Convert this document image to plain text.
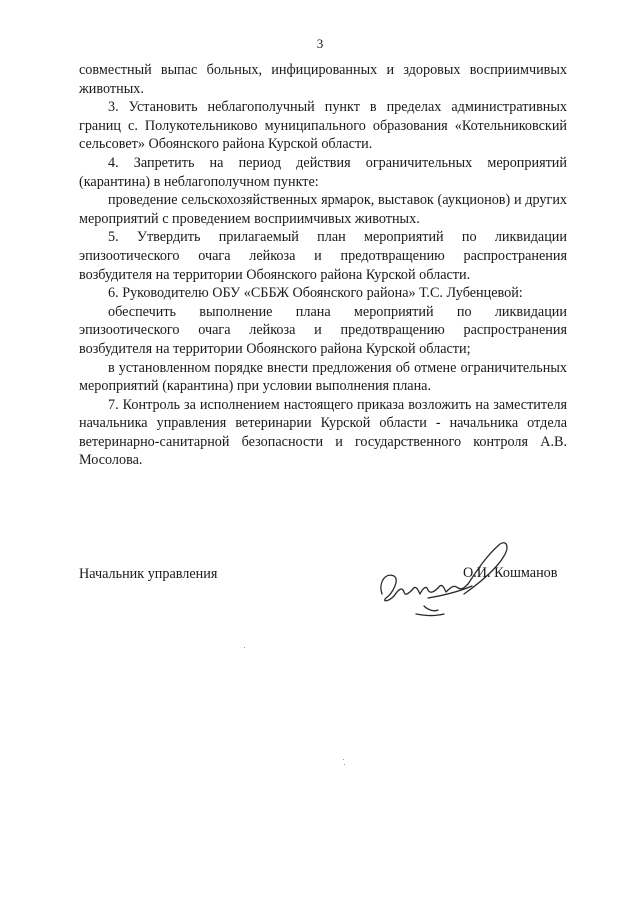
3

совместный выпас больных, инфицированных и здоровых восприимчивых животных.

3. Установить неблагополучный пункт в пределах административных границ с. Полукотельниково муниципального образования «Котельниковский сельсовет» Обоянского района Курской области.

4. Запретить на период действия ограничительных мероприятий (карантина) в неблагополучном пункте:

проведение сельскохозяйственных ярмарок, выставок (аукционов) и других мероприятий с проведением восприимчивых животных.

5. Утвердить прилагаемый план мероприятий по ликвидации эпизоотического очага лейкоза и предотвращению распространения возбудителя на территории Обоянского района Курской области.

6. Руководителю ОБУ «СББЖ Обоянского района» Т.С. Лубенцевой:

обеспечить выполнение плана мероприятий по ликвидации эпизоотического очага лейкоза и предотвращению распространения возбудителя на территории Обоянского района Курской области;

в установленном порядке внести предложения об отмене ограничительных мероприятий (карантина) при условии выполнения плана.

7. Контроль за исполнением настоящего приказа возложить на заместителя начальника управления ветеринарии Курской области - начальника отдела ветеринарно-санитарной безопасности и государственного контроля А.В. Мосолова.

Начальник управления	О.И. Кошманов
